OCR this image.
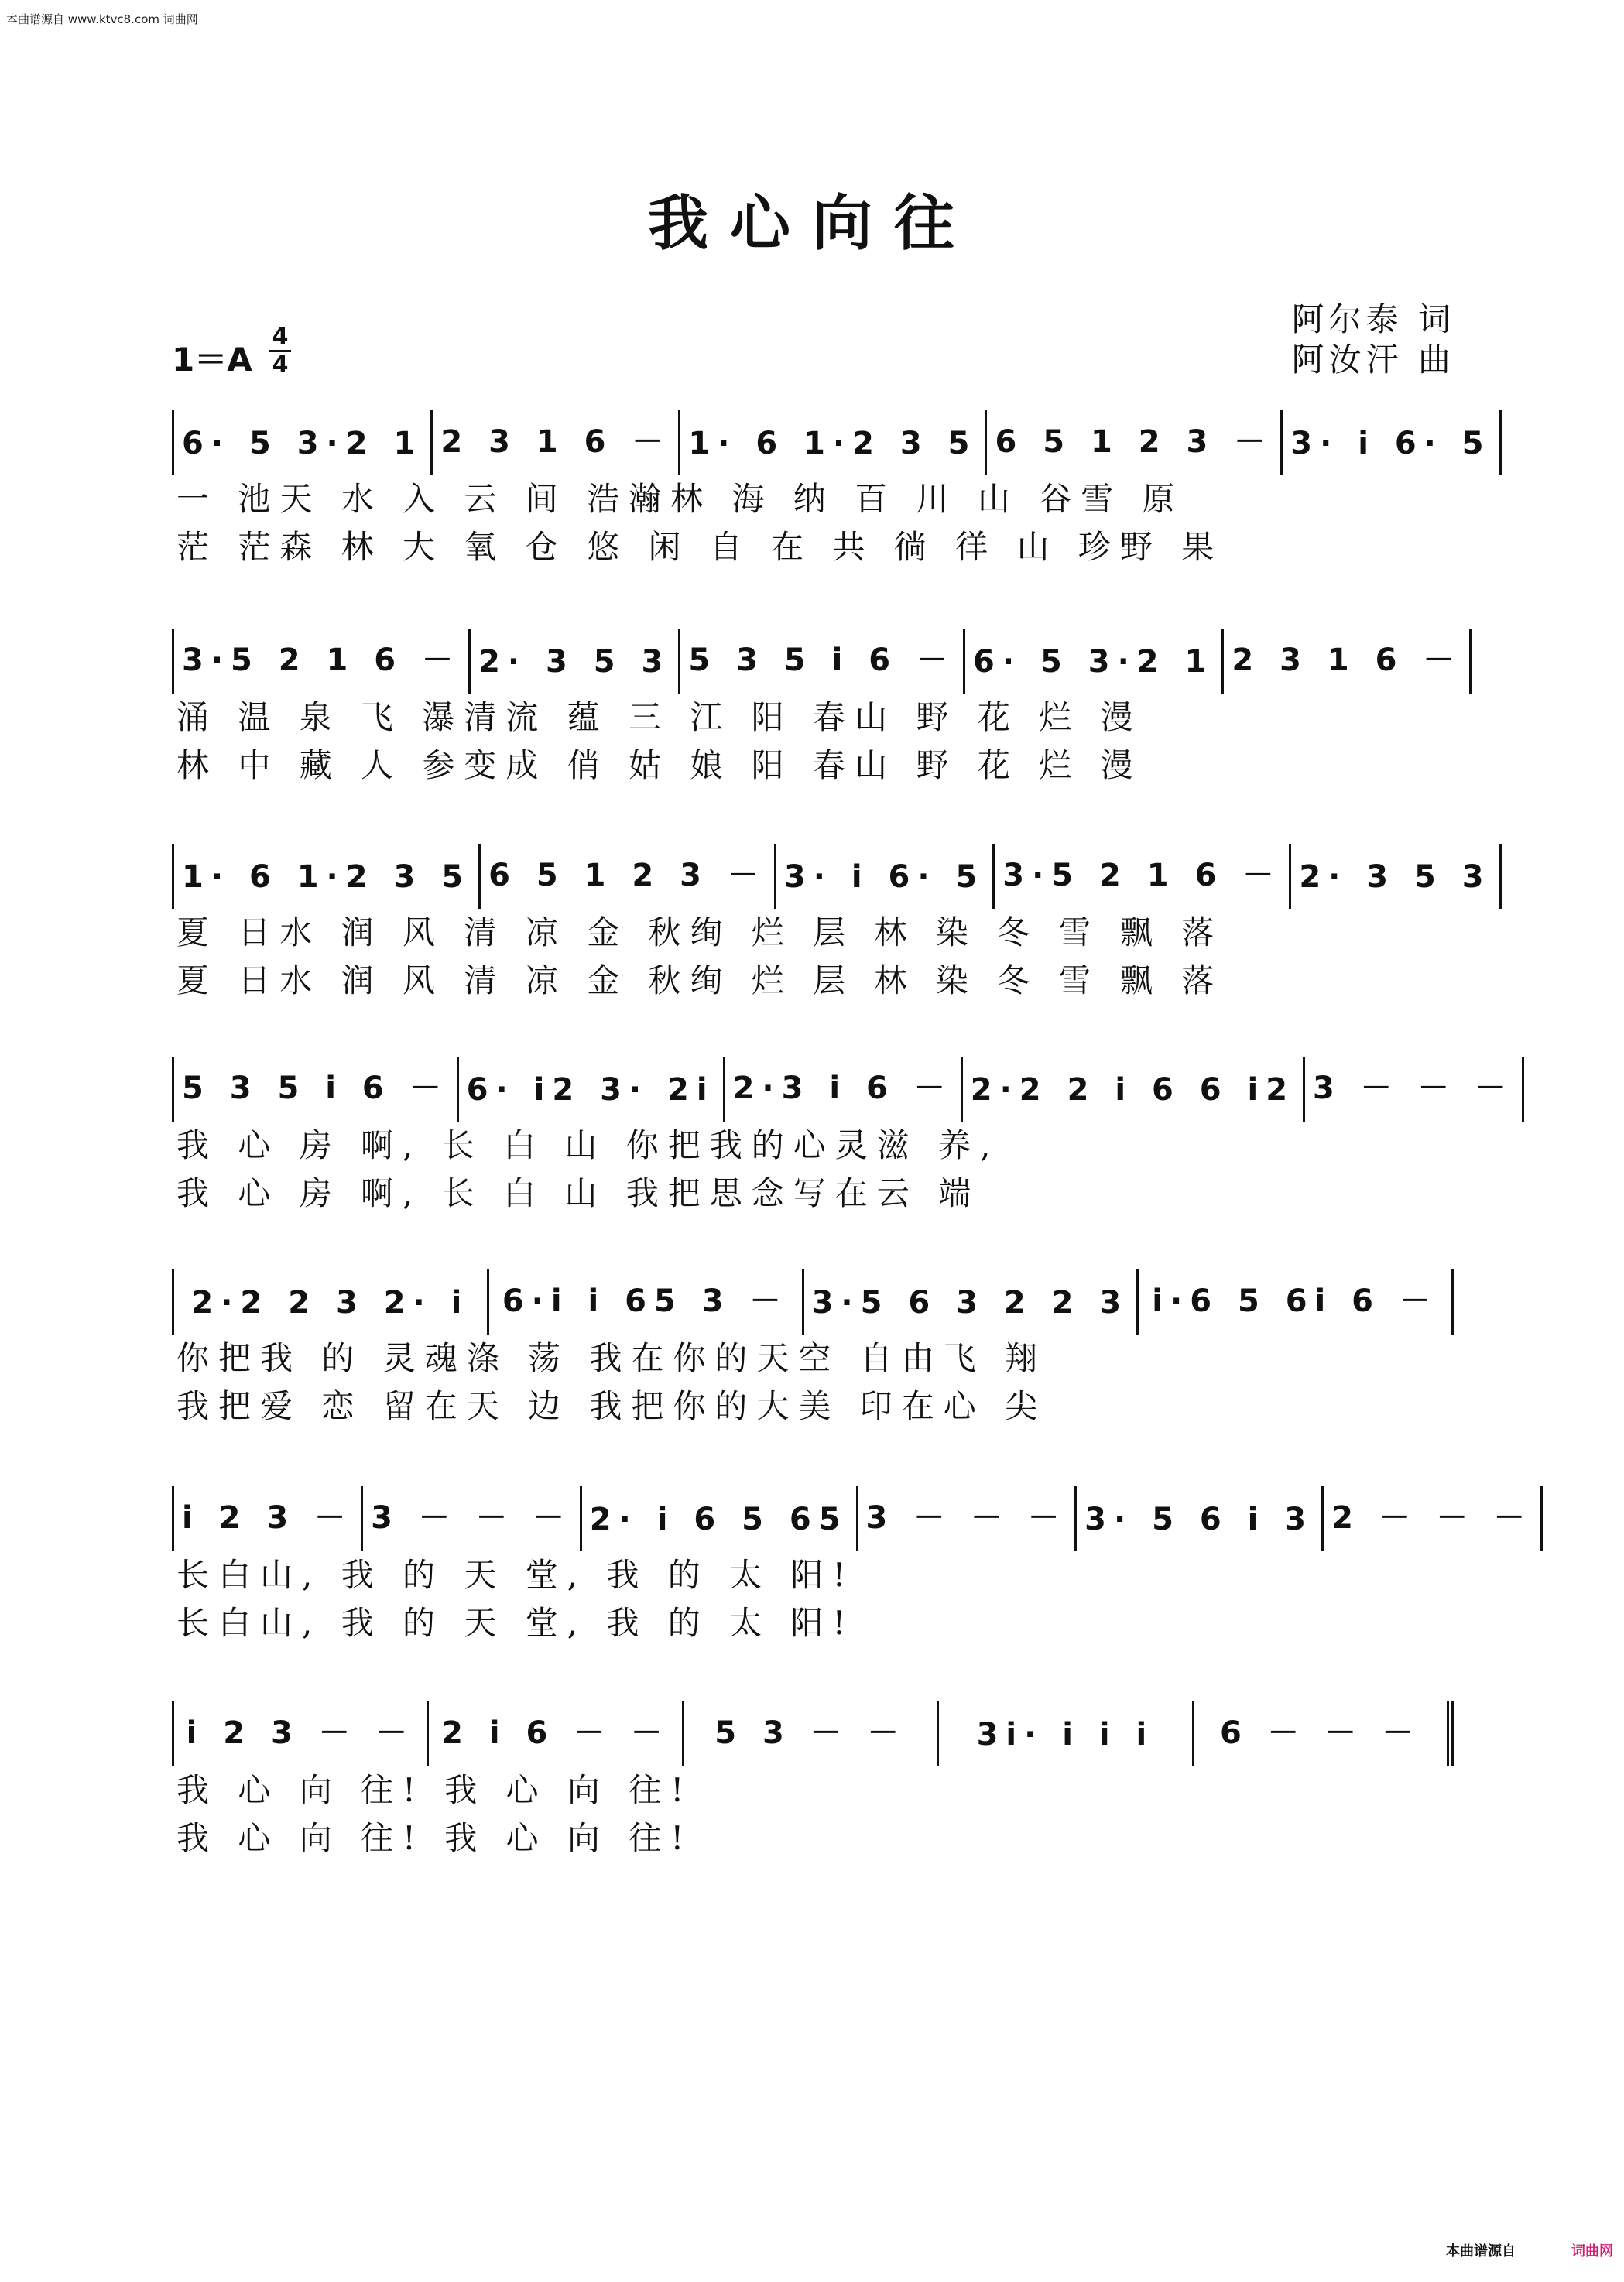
本曲谱源自 www.ktvc8.com 词曲网
我心向往
1＝A
4
4
阿尔泰 词
阿汝汗 曲
6· 5 3·2 1 2 3 1 6 － 1· 6 1·2 3 5 6 5 1 2 3 － 3· i 6· 5
一 池天 水 入 云 间 浩瀚林 海 纳 百 川 山 谷雪 原
茫 茫森 林 大 氧 仓 悠 闲 自 在 共 徜 徉 山 珍野 果
3·5 2 1 6 － 2· 3 5 3 5 3 5 i 6 － 6· 5 3·2 1 2 3 1 6 －
涌 温 泉 飞 瀑清流 蕴 三 江 阳 春山 野 花 烂 漫
林 中 藏 人 参变成 俏 姑 娘 阳 春山 野 花 烂 漫
1· 6 1·2 3 5 6 5 1 2 3 － 3· i 6· 5 3·5 2 1 6 － 2· 3 5 3
夏 日水 润 风 清 凉 金 秋绚 烂 层 林 染 冬 雪 飘 落
夏 日水 润 风 清 凉 金 秋绚 烂 层 林 染 冬 雪 飘 落
5 3 5 i 6 － 6· i2 3· 2i 2·3 i 6 － 2·2 2 i 6 6 i2 3 － － －
我 心 房 啊, 长 白 山 你把我的心灵滋 养,
我 心 房 啊, 长 白 山 我把思念写在云 端
2·2 2 3 2· i 6·i i 65 3 － 3·5 6 3 2 2 3 i·6 5 6i 6 －
你把我 的 灵魂涤 荡 我在你的天空 自由飞 翔
我把爱 恋 留在天 边 我把你的大美 印在心 尖
i 2 3 － 3 － － － 2· i 6 5 65 3 － － － 3· 5 6 i 3 2 － － －
长白山, 我 的 天 堂, 我 的 太 阳!
长白山, 我 的 天 堂, 我 的 太 阳!
i 2 3 － － 2 i 6 － － 5 3 － － 3i· i i i 6 － － －
我 心 向 往! 我 心 向 往!
我 心 向 往! 我 心 向 往!
本曲谱源自	词曲网
